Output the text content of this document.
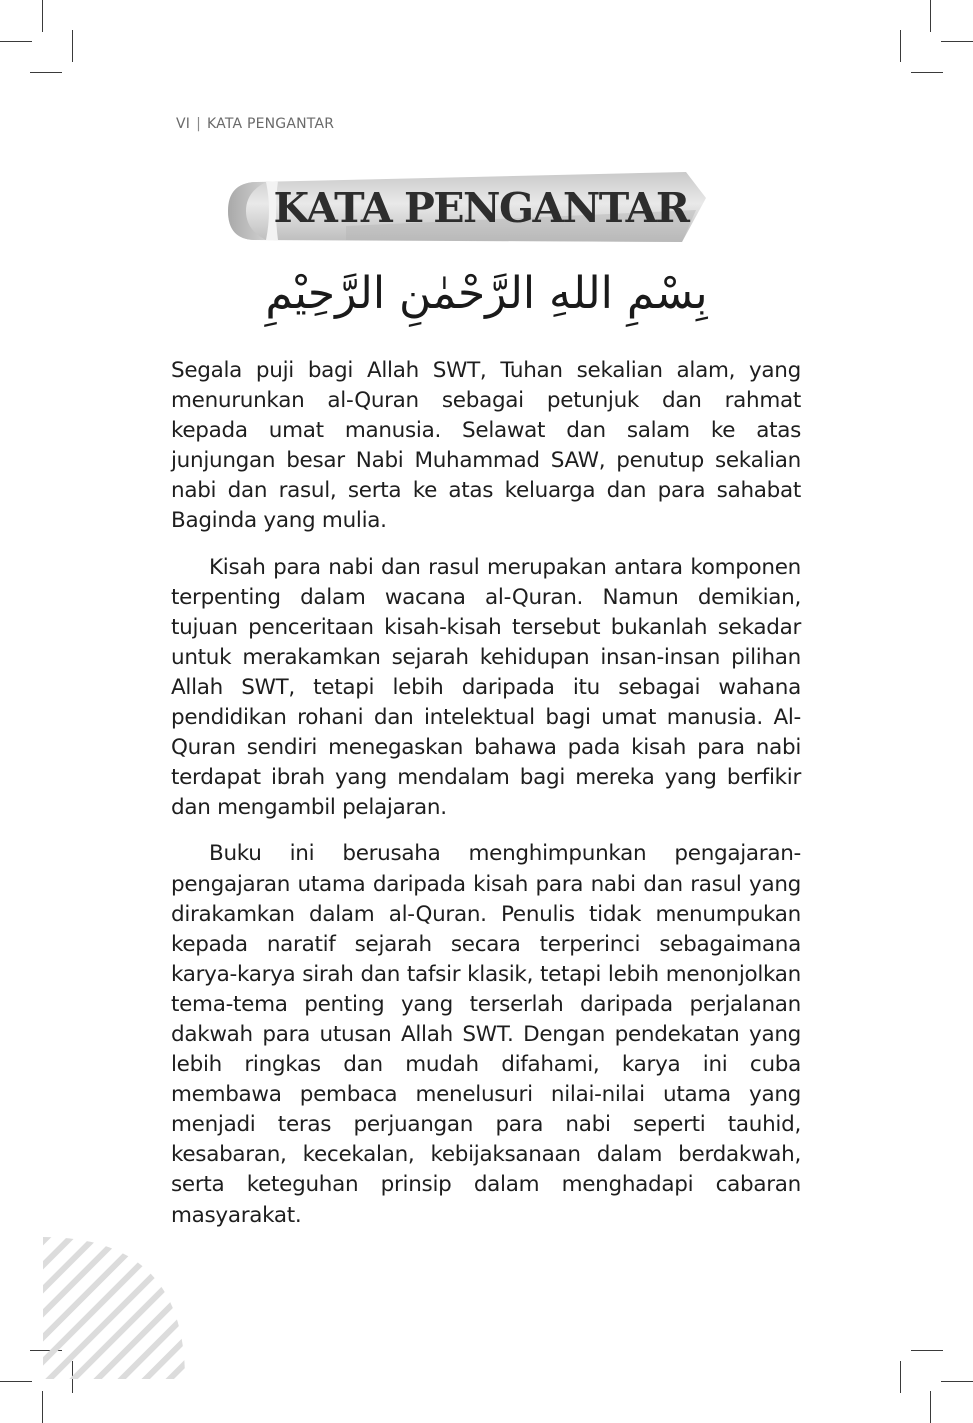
VI | KATA PENGANTAR
KATA PENGANTAR
بِسْمِ اللهِ الرَّحْمٰنِ الرَّحِيْمِ

Segala puji bagi Allah SWT, Tuhan sekalian alam, yang menurunkan al-Quran sebagai petunjuk dan rahmat kepada umat manusia. Selawat dan salam ke atas junjungan besar Nabi Muhammad SAW, penutup sekalian nabi dan rasul, serta ke atas keluarga dan para sahabat Baginda yang mulia.

Kisah para nabi dan rasul merupakan antara komponen terpenting dalam wacana al-Quran. Namun demikian, tujuan penceritaan kisah-kisah tersebut bukanlah sekadar untuk merakamkan sejarah kehidupan insan-insan pilihan Allah SWT, tetapi lebih daripada itu sebagai wahana pendidikan rohani dan intelektual bagi umat manusia. Al-Quran sendiri menegaskan bahawa pada kisah para nabi terdapat ibrah yang mendalam bagi mereka yang berfikir dan mengambil pelajaran.

Buku ini berusaha menghimpunkan pengajaran-pengajaran utama daripada kisah para nabi dan rasul yang dirakamkan dalam al-Quran. Penulis tidak menumpukan kepada naratif sejarah secara terperinci sebagaimana karya-karya sirah dan tafsir klasik, tetapi lebih menonjolkan tema-tema penting yang terserlah daripada perjalanan dakwah para utusan Allah SWT. Dengan pendekatan yang lebih ringkas dan mudah difahami, karya ini cuba membawa pembaca menelusuri nilai-nilai utama yang menjadi teras perjuangan para nabi seperti tauhid, kesabaran, kecekalan, kebijaksanaan dalam berdakwah, serta keteguhan prinsip dalam menghadapi cabaran masyarakat.
